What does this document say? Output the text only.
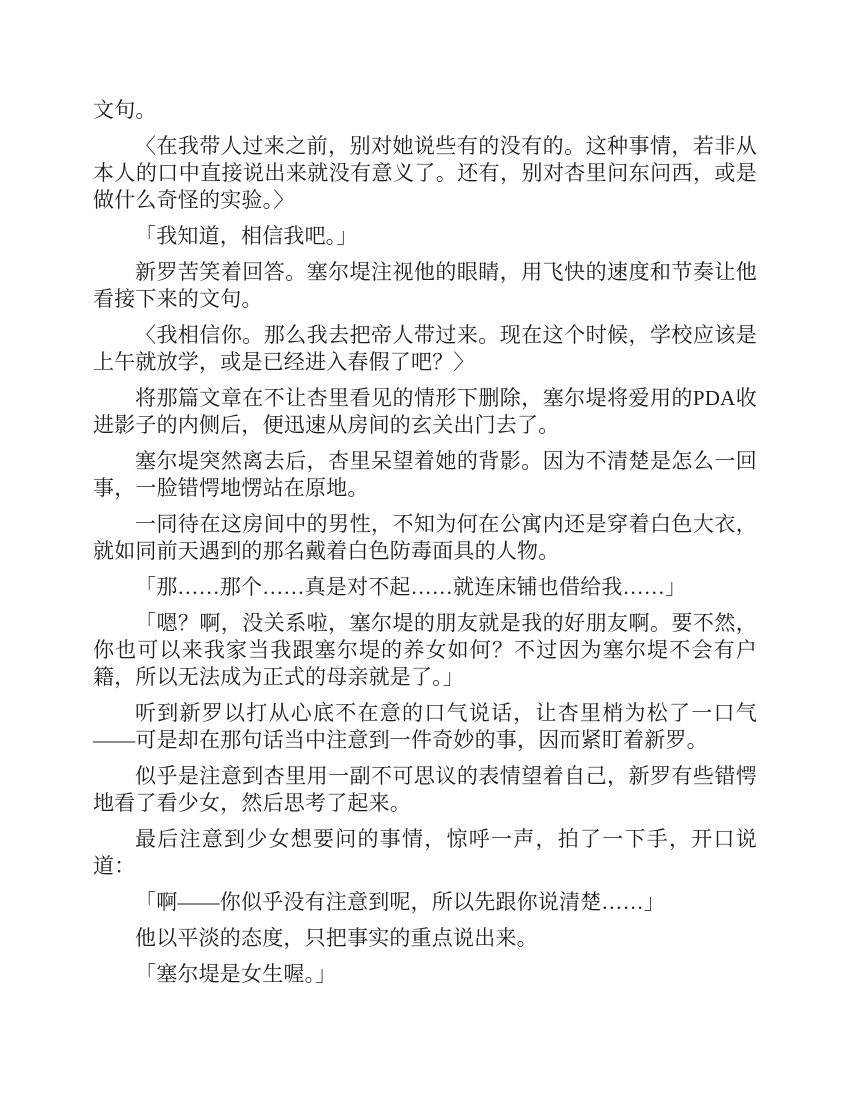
文句。

〈在我带人过来之前，别对她说些有的没有的。这种事情，若非从本人的口中直接说出来就没有意义了。还有，别对杏里问东问西，或是做什么奇怪的实验。〉

「我知道，相信我吧。」

新罗苦笑着回答。塞尔堤注视他的眼睛，用飞快的速度和节奏让他看接下来的文句。

〈我相信你。那么我去把帝人带过来。现在这个时候，学校应该是上午就放学，或是已经进入春假了吧？〉

将那篇文章在不让杏里看见的情形下删除，塞尔堤将爱用的PDA收进影子的内侧后，便迅速从房间的玄关出门去了。

塞尔堤突然离去后，杏里呆望着她的背影。因为不清楚是怎么一回事，一脸错愕地愣站在原地。

一同待在这房间中的男性，不知为何在公寓内还是穿着白色大衣，就如同前天遇到的那名戴着白色防毒面具的人物。

「那……那个……真是对不起……就连床铺也借给我……」

「嗯？啊，没关系啦，塞尔堤的朋友就是我的好朋友啊。要不然，你也可以来我家当我跟塞尔堤的养女如何？不过因为塞尔堤不会有户籍，所以无法成为正式的母亲就是了。」

听到新罗以打从心底不在意的口气说话，让杏里梢为松了一口气——可是却在那句话当中注意到一件奇妙的事，因而紧盯着新罗。

似乎是注意到杏里用一副不可思议的表情望着自己，新罗有些错愕地看了看少女，然后思考了起来。

最后注意到少女想要问的事情，惊呼一声，拍了一下手，开口说道：

「啊——你似乎没有注意到呢，所以先跟你说清楚……」

他以平淡的态度，只把事实的重点说出来。

「塞尔堤是女生喔。」
